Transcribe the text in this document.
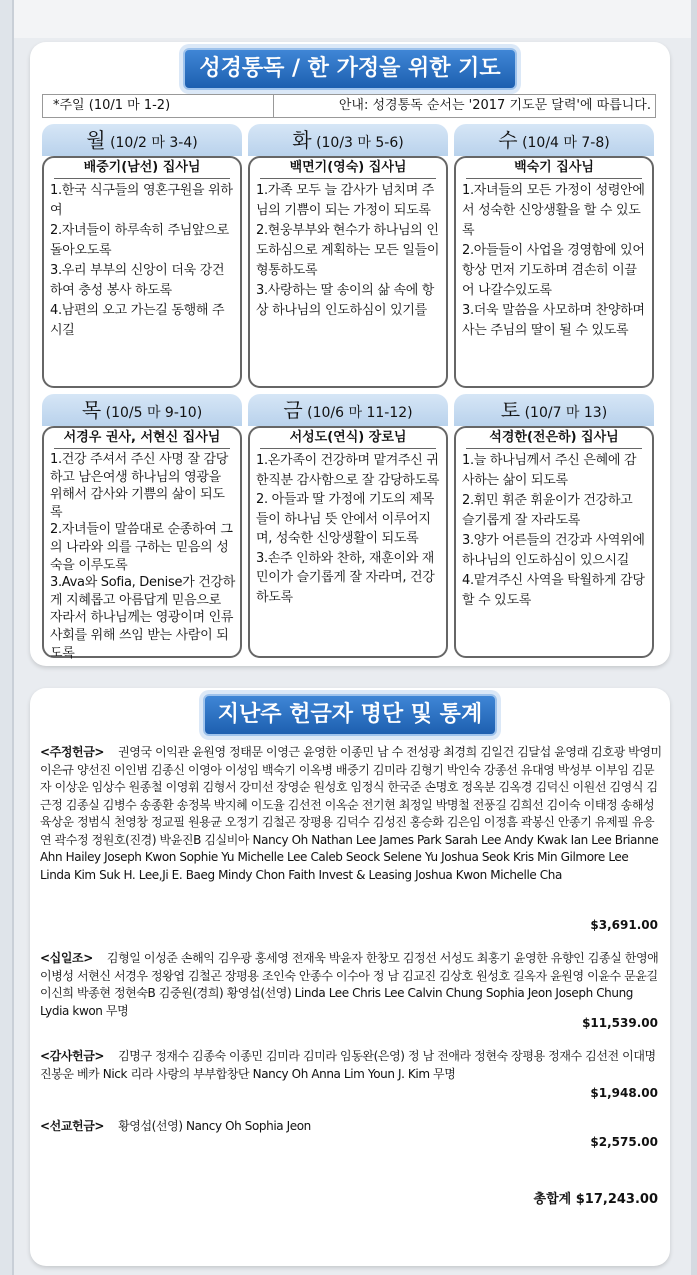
성경통독 / 한 가정을 위한 기도
*주일 (10/1 마 1-2)	안내: 성경통독 순서는 '2017 기도문 달력'에 따릅니다.
월 (10/2 마 3-4)
배중기(남선) 집사님

1.한국 식구들의 영혼구원을 위하여

2.자녀들이 하루속히 주님앞으로 돌아오도록

3.우리 부부의 신앙이 더욱 강건하여 충성 봉사 하도록

4.남편의 오고 가는길 동행해 주시길

화 (10/3 마 5-6)
백면기(영숙) 집사님

1.가족 모두 늘 감사가 넘치며 주님의 기쁨이 되는 가정이 되도록

2.현웅부부와 현수가 하나님의 인도하심으로 계획하는 모든 일들이 형통하도록

3.사랑하는 딸 송이의 삶 속에 항상 하나님의 인도하심이 있기를

수 (10/4 마 7-8)
백숙기 집사님

1.자녀들의 모든 가정이 성령안에서 성숙한 신앙생활을 할 수 있도록

2.아들들이 사업을 경영함에 있어 항상 먼저 기도하며 겸손히 이끌어 나갈수있도록

3.더욱 말씀을 사모하며 찬양하며 사는 주님의 딸이 될 수 있도록

목 (10/5 마 9-10)
서경우 권사, 서현신 집사님

1.건강 주셔서 주신 사명 잘 감당하고 남은여생 하나님의 영광을 위해서 감사와 기쁨의 삶이 되도록

2.자녀들이 말씀대로 순종하여 그의 나라와 의를 구하는 믿음의 성숙을 이루도록

3.Ava와 Sofia, Denise가 건강하게 지혜롭고 아름답게 믿음으로 자라서 하나님께는 영광이며 인류사회를 위해 쓰임 받는 사람이 되도록

금 (10/6 마 11-12)
서성도(연식) 장로님

1.온가족이 건강하며 맡겨주신 귀한직분 감사함으로 잘 감당하도록

2. 아들과 딸 가정에 기도의 제목들이 하나님 뜻 안에서 이루어지며, 성숙한 신앙생활이 되도록

3.손주 인하와 찬하, 재훈이와 재민이가 슬기롭게 잘 자라며, 건강하도록

토 (10/7 마 13)
석경한(전은하) 집사님

1.늘 하나님께서 주신 은혜에 감사하는 삶이 되도록

2.휘민 휘준 휘윤이가 건강하고 슬기롭게 잘 자라도록

3.양가 어른들의 건강과 사역위에 하나님의 인도하심이 있으시길

4.맡겨주신 사역을 탁월하게 감당할 수 있도록

지난주 헌금자 명단 및 통계
<주정헌금> 권영국 이익관 윤원영 정태문 이영근 윤영한 이종민 남 수 전성광 최경희 김일건 김달섭 윤영래 김호광 박영미 이은규 양선진 이인범 김종신 이영아 이성임 백숙기 이옥병 배중기 김미라 김형기 박인숙 강종선 유대영 박성부 이부임 김문자 이상운 임상수 원종철 이영휘 김형서 강미선 장영순 원성호 임정식 한국준 손명호 정옥분 김옥경 김덕신 이원선 김영식 김근정 김종실 김병수 송종환 송정복 박지혜 이도율 김선전 이옥순 전기현 최정일 박명철 전풍길 김희선 김이숙 이태정 송해성 육상운 정범식 천영창 정교필 원용균 오정기 김철곤 장평용 김덕수 김성진 홍승화 김은임 이정흠 곽봉신 안종기 유제필 유응연 곽수정 정원호(진경) 박윤진B 김실비아 Nancy Oh Nathan Lee James Park Sarah Lee Andy Kwak Ian Lee Brianne Ahn Hailey Joseph Kwon Sophie Yu Michelle Lee Caleb Seock Selene Yu Joshua Seok Kris Min Gilmore Lee Linda Kim Suk H. Lee,Ji E. Baeg Mindy Chon Faith Invest & Leasing Joshua Kwon Michelle Cha
$3,691.00
<십일조> 김형일 이성준 손해익 김우광 홍세영 전재욱 박윤자 한창모 김정선 서성도 최홍기 윤영한 유향인 김종실 한영애 이병성 서현신 서경우 정왕엽 김철곤 장평용 조인숙 안종수 이수아 정 남 김교진 김상호 원성호 길옥자 윤원영 이윤수 문윤길 이신희 박종현 정현숙B 김중원(경희) 황영섭(선영) Linda Lee Chris Lee Calvin Chung Sophia Jeon Joseph Chung Lydia kwon 무명
$11,539.00
<감사헌금> 김명구 정재수 김종숙 이종민 김미라 김미라 임동완(은영) 정 남 전애라 정현숙 장평용 정재수 김선전 이대명 진봉운 베카 Nick 리라 사랑의 부부합창단 Nancy Oh Anna Lim Youn J. Kim 무명
$1,948.00
<선교헌금> 황영섭(선영) Nancy Oh Sophia Jeon
$2,575.00
총합계 $17,243.00
